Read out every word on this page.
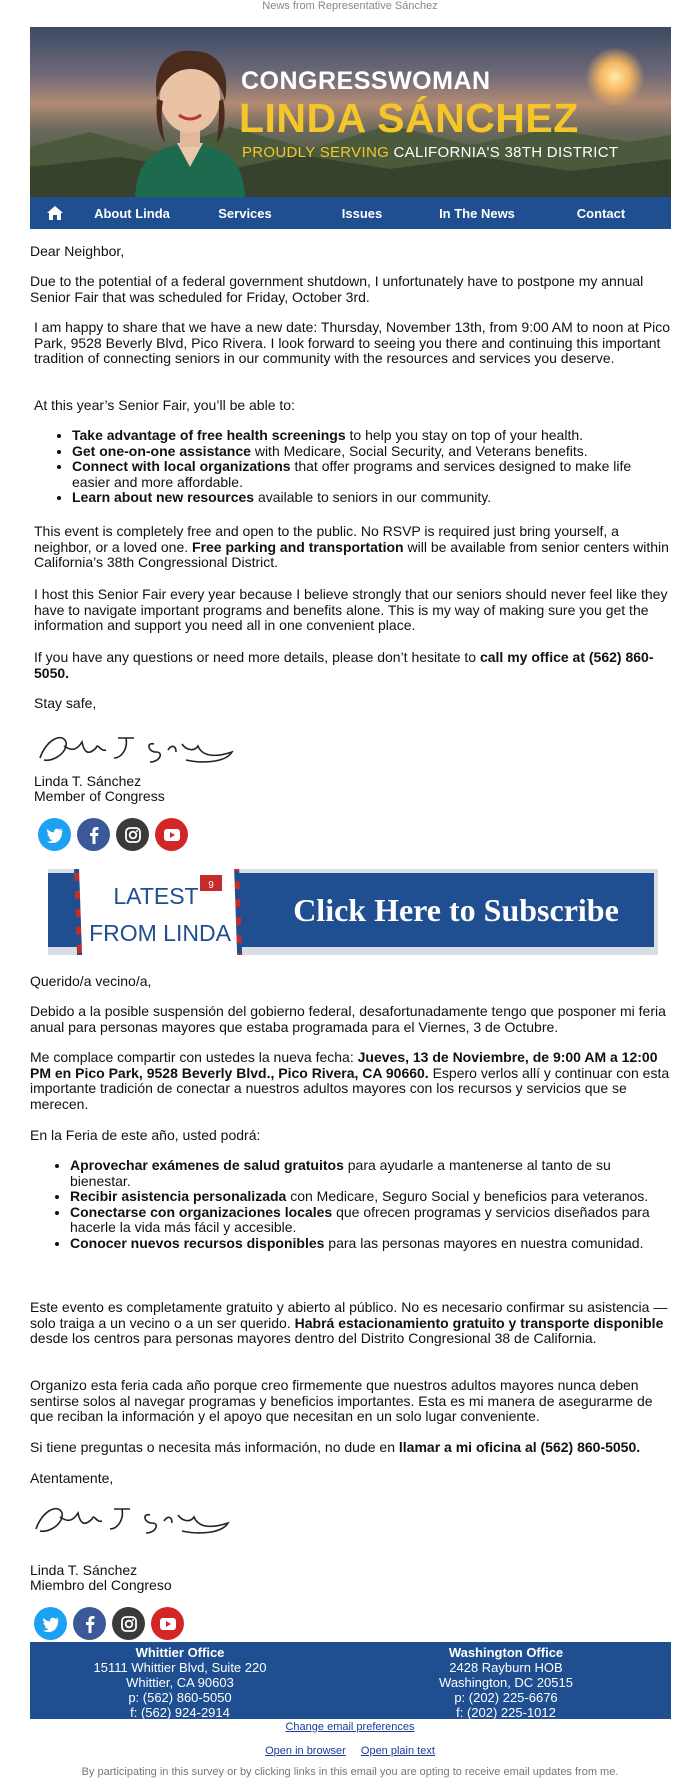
News from Representative Sánchez
CONGRESSWOMAN
LINDA SÁNCHEZ
PROUDLY SERVING CALIFORNIA'S 38TH DISTRICT
About Linda	Services	Issues	In The News	Contact

Dear Neighbor,

Due to the potential of a federal government shutdown, I unfortunately have to postpone my annual Senior Fair that was scheduled for Friday, October 3rd.

I am happy to share that we have a new date: Thursday, November 13th, from 9:00 AM to noon at Pico Park, 9528 Beverly Blvd, Pico Rivera. I look forward to seeing you there and continuing this important tradition of connecting seniors in our community with the resources and services you deserve.

At this year’s Senior Fair, you’ll be able to:

• Take advantage of free health screenings to help you stay on top of your health.
• Get one-on-one assistance with Medicare, Social Security, and Veterans benefits.
• Connect with local organizations that offer programs and services designed to make life easier and more affordable.
• Learn about new resources available to seniors in our community.

This event is completely free and open to the public. No RSVP is required just bring yourself, a neighbor, or a loved one. Free parking and transportation will be available from senior centers within California’s 38th Congressional District.

I host this Senior Fair every year because I believe strongly that our seniors should never feel like they have to navigate important programs and benefits alone. This is my way of making sure you get the information and support you need all in one convenient place.

If you have any questions or need more details, please don’t hesitate to call my office at (562) 860-5050.

Stay safe,

Linda T. Sánchez

Member of Congress

9
LATEST
FROM LINDA
Click Here to Subscribe

Querido/a vecino/a,

Debido a la posible suspensión del gobierno federal, desafortunadamente tengo que posponer mi feria anual para personas mayores que estaba programada para el Viernes, 3 de Octubre.

Me complace compartir con ustedes la nueva fecha: Jueves, 13 de Noviembre, de 9:00 AM a 12:00 PM en Pico Park, 9528 Beverly Blvd., Pico Rivera, CA 90660. Espero verlos allí y continuar con esta importante tradición de conectar a nuestros adultos mayores con los recursos y servicios que se merecen.

En la Feria de este año, usted podrá:

• Aprovechar exámenes de salud gratuitos para ayudarle a mantenerse al tanto de su bienestar.
• Recibir asistencia personalizada con Medicare, Seguro Social y beneficios para veteranos.
• Conectarse con organizaciones locales que ofrecen programas y servicios diseñados para hacerle la vida más fácil y accesible.
• Conocer nuevos recursos disponibles para las personas mayores en nuestra comunidad.

Este evento es completamente gratuito y abierto al público. No es necesario confirmar su asistencia — solo traiga a un vecino o a un ser querido. Habrá estacionamiento gratuito y transporte disponible desde los centros para personas mayores dentro del Distrito Congresional 38 de California.

Organizo esta feria cada año porque creo firmemente que nuestros adultos mayores nunca deben sentirse solos al navegar programas y beneficios importantes. Esta es mi manera de asegurarme de que reciban la información y el apoyo que necesitan en un solo lugar conveniente.

Si tiene preguntas o necesita más información, no dude en llamar a mi oficina al (562) 860-5050.

Atentamente,

Linda T. Sánchez

Miembro del Congreso

Whittier Office
15111 Whittier Blvd, Suite 220
Whittier, CA 90603
p: (562) 860-5050
f: (562) 924-2914
Washington Office
2428 Rayburn HOB
Washington, DC 20515
p: (202) 225-6676
f: (202) 225-1012
Change email preferences
Open in browser Open plain text
By participating in this survey or by clicking links in this email you are opting to receive email updates from me.
